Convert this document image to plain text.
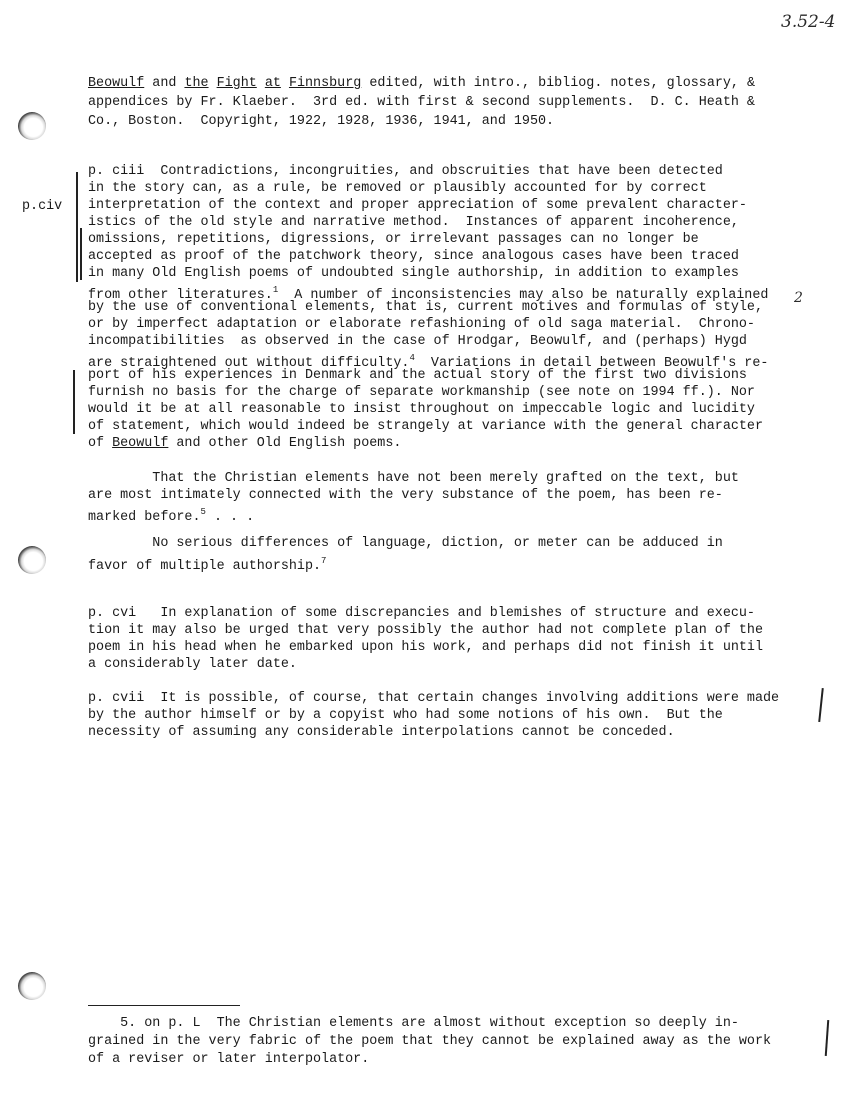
3.52-4
Beowulf and the Fight at Finnsburg edited, with intro., bibliog. notes, glossary, &
appendices by Fr. Klaeber.  3rd ed. with first & second supplements.  D. C. Heath &
Co., Boston.  Copyright, 1922, 1928, 1936, 1941, and 1950.
p.civ
p. ciii  Contradictions, incongruities, and obscruities that have been detected
in the story can, as a rule, be removed or plausibly accounted for by correct
interpretation of the context and proper appreciation of some prevalent character-
istics of the old style and narrative method.  Instances of apparent incoherence,
omissions, repetitions, digressions, or irrelevant passages can no longer be
accepted as proof of the patchwork theory, since analogous cases have been traced
in many Old English poems of undoubted single authorship, in addition to examples
from other literatures.$^1$  A number of inconsistencies may also be naturally explained
by the use of conventional elements, that is, current motives and formulas of style,
2
or by imperfect adaptation or elaborate refashioning of old saga material.  Chrono-
incompatibilities  as observed in the case of Hrodgar, Beowulf, and (perhaps) Hygd
are straightened out without difficulty.$^4$  Variations in detail between Beowulf's re-
port of his experiences in Denmark and the actual story of the first two divisions
furnish no basis for the charge of separate workmanship (see note on 1994 ff.). Nor
would it be at all reasonable to insist throughout on impeccable logic and lucidity
of statement, which would indeed be strangely at variance with the general character
of Beowulf and other Old English poems.
That the Christian elements have not been merely grafted on the text, but
are most intimately connected with the very substance of the poem, has been re-
marked before.$^5$ . . .
No serious differences of language, diction, or meter can be adduced in
favor of multiple authorship.$^7$
p. cvi   In explanation of some discrepancies and blemishes of structure and execu-
tion it may also be urged that very possibly the author had not complete plan of the
poem in his head when he embarked upon his work, and perhaps did not finish it until
a considerably later date.
p. cvii  It is possible, of course, that certain changes involving additions were made
by the author himself or by a copyist who had some notions of his own.  But the
necessity of assuming any considerable interpolations cannot be conceded.
5. on p. L  The Christian elements are almost without exception so deeply in-
grained in the very fabric of the poem that they cannot be explained away as the work
of a reviser or later interpolator.
